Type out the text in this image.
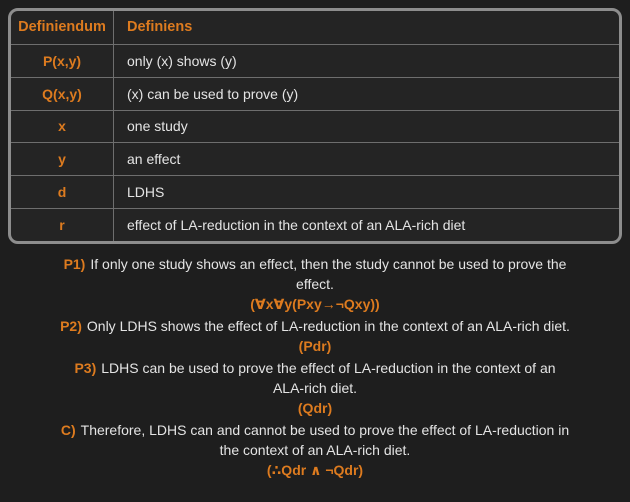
Definiendum	Definiens
P(x,y)	only (x) shows (y)
Q(x,y)	(x) can be used to prove (y)
x	one study
y	an effect
d	LDHS
r	effect of LA-reduction in the context of an ALA-rich diet

P1) If only one study shows an effect, then the study cannot be used to prove the effect.

(∀x∀y(Pxy→¬Qxy))

P2) Only LDHS shows the effect of LA-reduction in the context of an ALA-rich diet.

(Pdr)

P3) LDHS can be used to prove the effect of LA-reduction in the context of an ALA-rich diet.

(Qdr)

C) Therefore, LDHS can and cannot be used to prove the effect of LA-reduction in the context of an ALA-rich diet.

(∴Qdr ∧ ¬Qdr)
